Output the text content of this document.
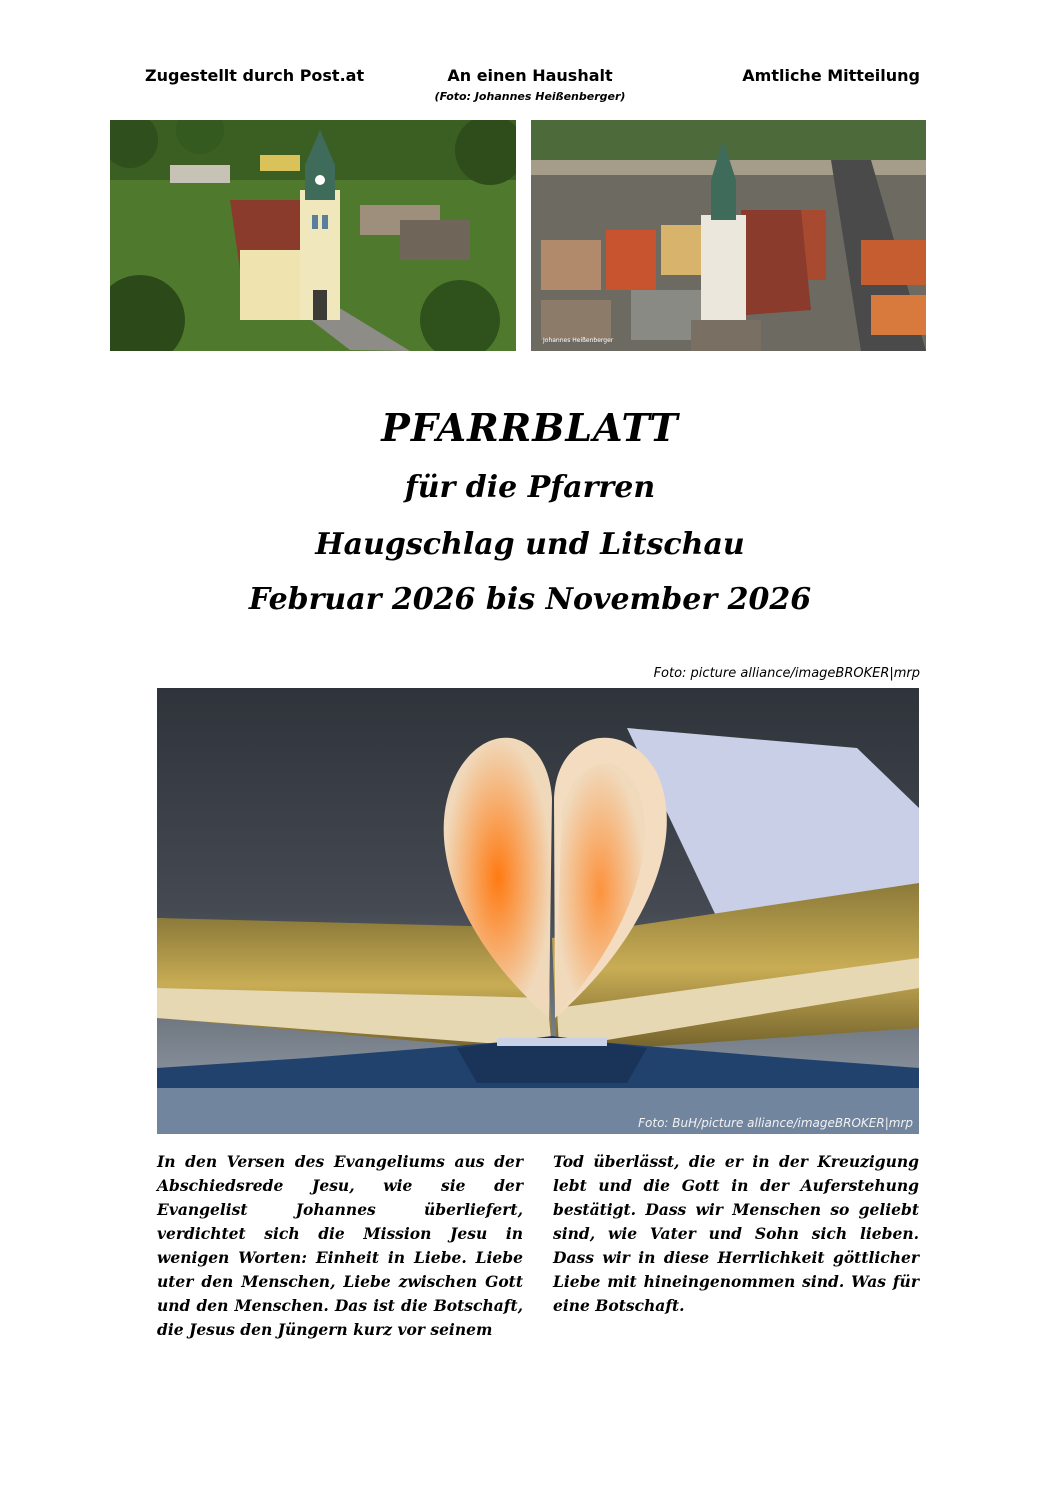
Zugestellt durch Post.at	An einen Haushalt	Amtliche Mitteilung
(Foto: Johannes Heißenberger)
Johannes Heißenberger
PFARRBLATT
für die Pfarren
Haugschlag und Litschau
Februar 2026 bis November 2026
Foto: picture alliance/imageBROKER|mrp
Foto: BuH/picture alliance/imageBROKER|mrp
In den Versen des Evangeliums aus der Abschiedsrede Jesu, wie sie der Evangelist Johannes überliefert, verdichtet sich die Mission Jesu in wenigen Worten: Einheit in Liebe. Liebe uter den Menschen, Liebe zwischen Gott und den Menschen. Das ist die Botschaft, die Jesus den Jüngern kurz vor seinem
Tod überlässt, die er in der Kreuzigung lebt und die Gott in der Auferstehung bestätigt. Dass wir Menschen so geliebt sind, wie Vater und Sohn sich lieben. Dass wir in diese Herrlichkeit göttlicher Liebe mit hineingenommen sind. Was für eine Botschaft.
